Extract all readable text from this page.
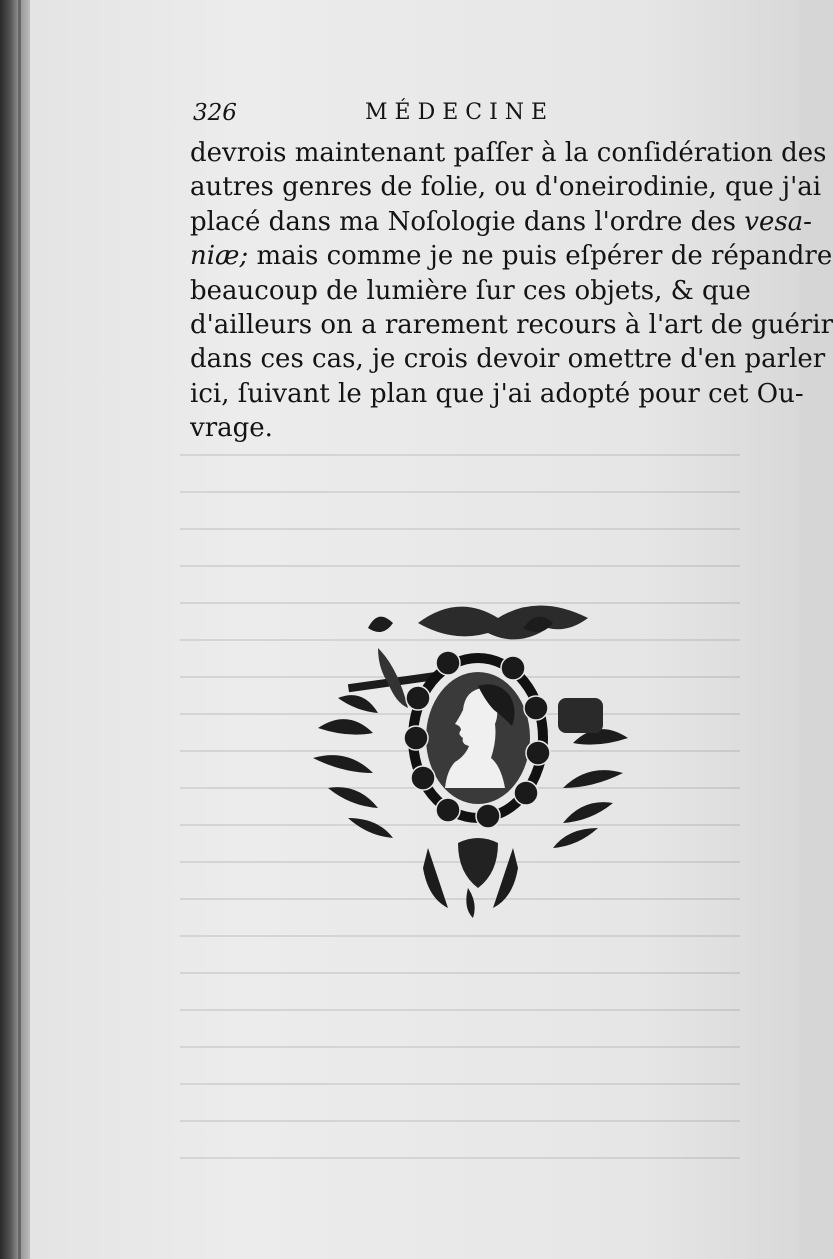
326	MÉDECINE
devrois maintenant paſſer à la conſidération des
autres genres de folie, ou d'oneirodinie, que j'ai
placé dans ma Noſologie dans l'ordre des vesa-
niæ; mais comme je ne puis eſpérer de répandre
beaucoup de lumière ſur ces objets, & que
d'ailleurs on a rarement recours à l'art de guérir
dans ces cas, je crois devoir omettre d'en parler
ici, ſuivant le plan que j'ai adopté pour cet Ou-
vrage.
